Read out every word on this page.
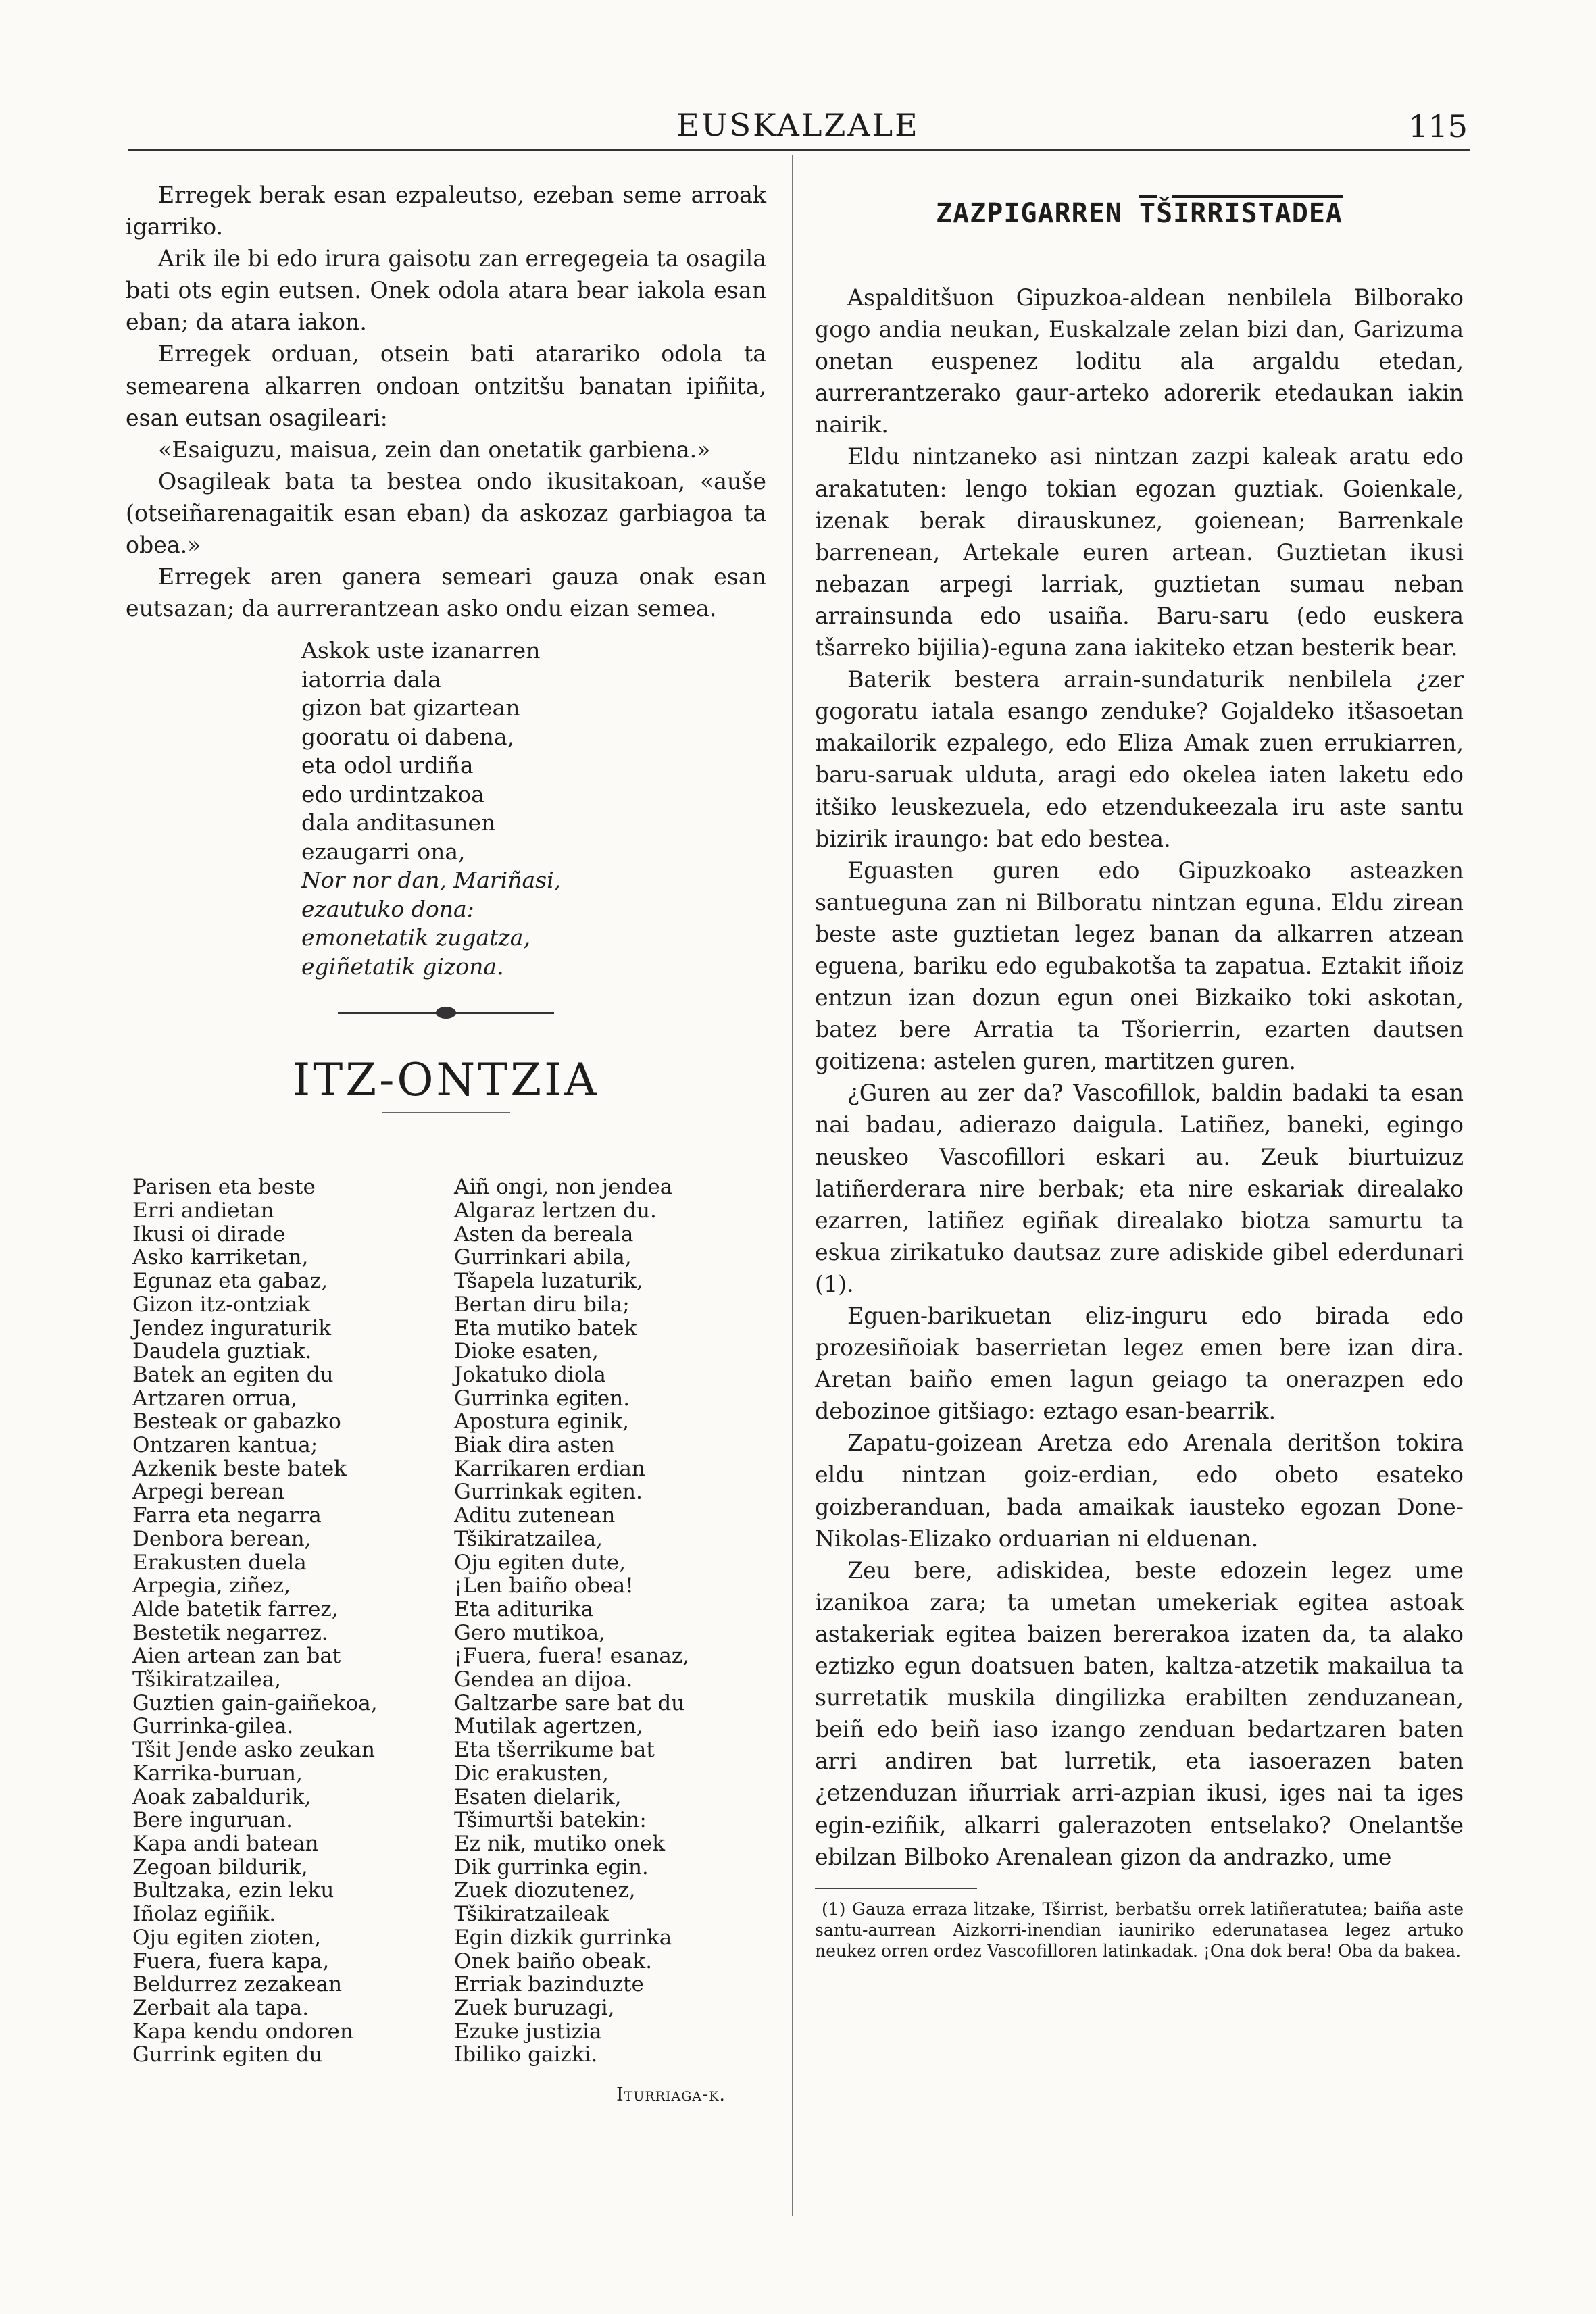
EUSKALZALE	115

Erregek berak esan ezpaleutso, ezeban seme arroak igarriko.

Arik ile bi edo irura gaisotu zan erregegeia ta osagila bati ots egin eutsen. Onek odola atara bear iakola esan eban; da atara iakon.

Erregek orduan, otsein bati atarariko odola ta semearena alkarren ondoan ontzitšu banatan ipiñita, esan eutsan osagileari:

«Esaiguzu, maisua, zein dan onetatik garbiena.»

Osagileak bata ta bestea ondo ikusitakoan, «auše (otseiñarenagaitik esan eban) da askozaz garbiagoa ta obea.»

Erregek aren ganera semeari gauza onak esan eutsazan; da aurrerantzean asko ondu eizan semea.

Askok uste izanarren
iatorria dala
gizon bat gizartean
gooratu oi dabena,
eta odol urdiña
edo urdintzakoa
dala anditasunen
ezaugarri ona,
Nor nor dan, Mariñasi,
ezautuko dona:
emonetatik zugatza,
egiñetatik gizona.
ITZ-ONTZIA
Parisen eta beste
Erri andietan
Ikusi oi dirade
Asko karriketan,
Egunaz eta gabaz,
Gizon itz-ontziak
Jendez inguraturik
Daudela guztiak.
Batek an egiten du
Artzaren orrua,
Besteak or gabazko
Ontzaren kantua;
Azkenik beste batek
Arpegi berean
Farra eta negarra
Denbora berean,
Erakusten duela
Arpegia, ziñez,
Alde batetik farrez,
Bestetik negarrez.
Aien artean zan bat
Tšikiratzailea,
Guztien gain-gaiñekoa,
Gurrinka-gilea.
Tšit Jende asko zeukan
Karrika-buruan,
Aoak zabaldurik,
Bere inguruan.
Kapa andi batean
Zegoan bildurik,
Bultzaka, ezin leku
Iñolaz egiñik.
Oju egiten zioten,
Fuera, fuera kapa,
Beldurrez zezakean
Zerbait ala tapa.
Kapa kendu ondoren
Gurrink egiten du
Aiñ ongi, non jendea
Algaraz lertzen du.
Asten da bereala
Gurrinkari abila,
Tšapela luzaturik,
Bertan diru bila;
Eta mutiko batek
Dioke esaten,
Jokatuko diola
Gurrinka egiten.
Apostura eginik,
Biak dira asten
Karrikaren erdian
Gurrinkak egiten.
Aditu zutenean
Tšikiratzailea,
Oju egiten dute,
¡Len baiño obea!
Eta aditurika
Gero mutikoa,
¡Fuera, fuera! esanaz,
Gendea an dijoa.
Galtzarbe sare bat du
Mutilak agertzen,
Eta tšerrikume bat
Dic erakusten,
Esaten dielarik,
Tšimurtši batekin:
Ez nik, mutiko onek
Dik gurrinka egin.
Zuek diozutenez,
Tšikiratzaileak
Egin dizkik gurrinka
Onek baiño obeak.
Erriak bazinduzte
Zuek buruzagi,
Ezuke justizia
Ibiliko gaizki.
Iturriaga-k.
ZAZPIGARREN TŠIRRISTADEA

Aspalditšuon Gipuzkoa-aldean nenbilela Bilborako gogo andia neukan, Euskalzale zelan bizi dan, Garizuma onetan euspenez loditu ala argaldu etedan, aurrerantzerako gaur-arteko adorerik etedaukan iakin nairik.

Eldu nintzaneko asi nintzan zazpi kaleak aratu edo arakatuten: lengo tokian egozan guztiak. Goienkale, izenak berak dirauskunez, goienean; Barrenkale barrenean, Artekale euren artean. Guztietan ikusi nebazan arpegi larriak, guztietan sumau neban arrainsunda edo usaiña. Baru-saru (edo euskera tšarreko bijilia)-eguna zana iakiteko etzan besterik bear.

Baterik bestera arrain-sundaturik nenbilela ¿zer gogoratu iatala esango zenduke? Gojaldeko itšasoetan makailorik ezpalego, edo Eliza Amak zuen errukiarren, baru-saruak ulduta, aragi edo okelea iaten laketu edo itšiko leuskezuela, edo etzendukeezala iru aste santu bizirik iraungo: bat edo bestea.

Eguasten guren edo Gipuzkoako asteazken santueguna zan ni Bilboratu nintzan eguna. Eldu zirean beste aste guztietan legez banan da alkarren atzean eguena, bariku edo egubakotša ta zapatua. Eztakit iñoiz entzun izan dozun egun onei Bizkaiko toki askotan, batez bere Arratia ta Tšorierrin, ezarten dautsen goitizena: astelen guren, martitzen guren.

¿Guren au zer da? Vascofillok, baldin badaki ta esan nai badau, adierazo daigula. Latiñez, baneki, egingo neuskeo Vascofillori eskari au. Zeuk biurtuizuz latiñerderara nire berbak; eta nire eskariak direalako ezarren, latiñez egiñak direalako biotza samurtu ta eskua zirikatuko dautsaz zure adiskide gibel ederdunari (1).

Eguen-barikuetan eliz-inguru edo birada edo prozesiñoiak baserrietan legez emen bere izan dira. Aretan baiño emen lagun geiago ta onerazpen edo debozinoe gitšiago: eztago esan-bearrik.

Zapatu-goizean Aretza edo Arenala deritšon tokira eldu nintzan goiz-erdian, edo obeto esateko goizberanduan, bada amaikak iausteko egozan Done-Nikolas-Elizako orduarian ni elduenan.

Zeu bere, adiskidea, beste edozein legez ume izanikoa zara; ta umetan umekeriak egitea astoak astakeriak egitea baizen bererakoa izaten da, ta alako eztizko egun doatsuen baten, kaltza-atzetik makailua ta surretatik muskila dingilizka erabilten zenduzanean, beiñ edo beiñ iaso izango zenduan bedartzaren baten arri andiren bat lurretik, eta iasoerazen baten ¿etzenduzan iñurriak arri-azpian ikusi, iges nai ta iges egin-eziñik, alkarri galerazoten entselako? Onelantše ebilzan Bilboko Arenalean gizon da andrazko, ume

(1) Gauza erraza litzake, Tširrist, berbatšu orrek latiñeratutea; baiña aste santu-aurrean Aizkorri-inendian iauniriko ederunatasea legez artuko neukez orren ordez Vascofilloren latinkadak. ¡Ona dok bera! Oba da bakea.
